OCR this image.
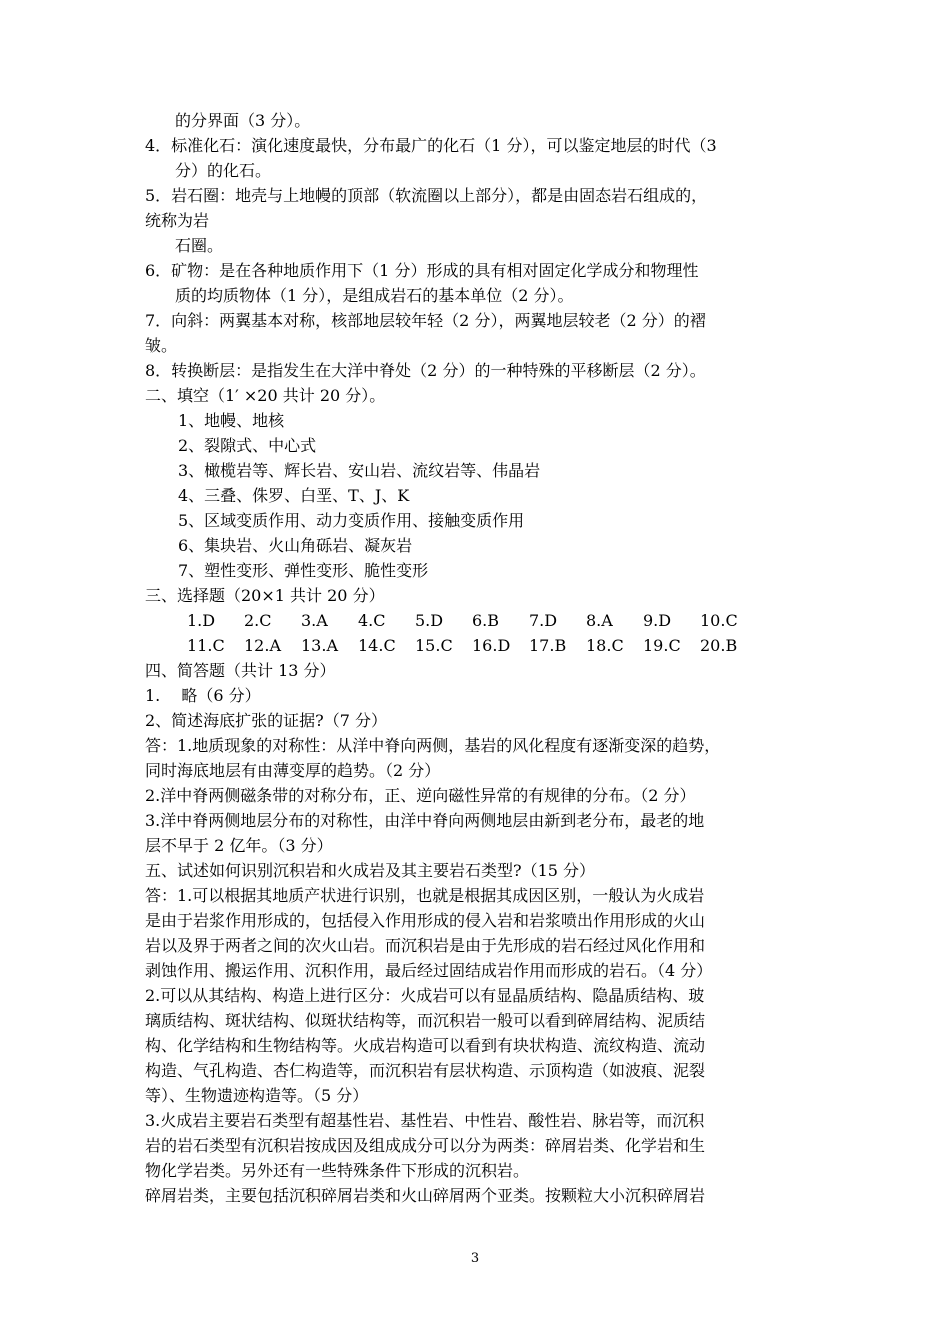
的分界面（3 分）。
4．标准化石：演化速度最快，分布最广的化石（1 分），可以鉴定地层的时代（3
分）的化石。
5．岩石圈：地壳与上地幔的顶部（软流圈以上部分），都是由固态岩石组成的，
统称为岩
石圈。
6．矿物：是在各种地质作用下（1 分）形成的具有相对固定化学成分和物理性
质的均质物体（1 分），是组成岩石的基本单位（2 分）。
7．向斜：两翼基本对称，核部地层较年轻（2 分），两翼地层较老（2 分）的褶
皱。
8．转换断层：是指发生在大洋中脊处（2 分）的一种特殊的平移断层（2 分）。
二、填空（1′ ×20 共计 20 分）。
1、地幔、地核
2、裂隙式、中心式
3、橄榄岩等、辉长岩、安山岩、流纹岩等、伟晶岩
4、三叠、侏罗、白垩、T、J、K
5、区域变质作用、动力变质作用、接触变质作用
6、集块岩、火山角砾岩、凝灰岩
7、塑性变形、弹性变形、脆性变形
三、选择题（20×1 共计 20 分）
1.D	2.C	3.A	4.C	5.D	6.B	7.D	8.A	9.D	10.C
11.C	12.A	13.A	14.C	15.C	16.D	17.B	18.C	19.C	20.B
四、简答题（共计 13 分）
1.　 略（6 分）
2、简述海底扩张的证据?（7 分）
答：1.地质现象的对称性：从洋中脊向两侧，基岩的风化程度有逐渐变深的趋势，
同时海底地层有由薄变厚的趋势。（2 分）
2.洋中脊两侧磁条带的对称分布，正、逆向磁性异常的有规律的分布。（2 分）
3.洋中脊两侧地层分布的对称性，由洋中脊向两侧地层由新到老分布，最老的地
层不早于 2 亿年。（3 分）
五、试述如何识别沉积岩和火成岩及其主要岩石类型?（15 分）
答：1.可以根据其地质产状进行识别，也就是根据其成因区别，一般认为火成岩
是由于岩浆作用形成的，包括侵入作用形成的侵入岩和岩浆喷出作用形成的火山
岩以及界于两者之间的次火山岩。而沉积岩是由于先形成的岩石经过风化作用和
剥蚀作用、搬运作用、沉积作用，最后经过固结成岩作用而形成的岩石。（4 分）
2.可以从其结构、构造上进行区分：火成岩可以有显晶质结构、隐晶质结构、玻
璃质结构、斑状结构、似斑状结构等，而沉积岩一般可以看到碎屑结构、泥质结
构、化学结构和生物结构等。火成岩构造可以看到有块状构造、流纹构造、流动
构造、气孔构造、杏仁构造等，而沉积岩有层状构造、示顶构造（如波痕、泥裂
等）、生物遗迹构造等。（5 分）
3.火成岩主要岩石类型有超基性岩、基性岩、中性岩、酸性岩、脉岩等，而沉积
岩的岩石类型有沉积岩按成因及组成成分可以分为两类：碎屑岩类、化学岩和生
物化学岩类。另外还有一些特殊条件下形成的沉积岩。
碎屑岩类，主要包括沉积碎屑岩类和火山碎屑两个亚类。按颗粒大小沉积碎屑岩
3
